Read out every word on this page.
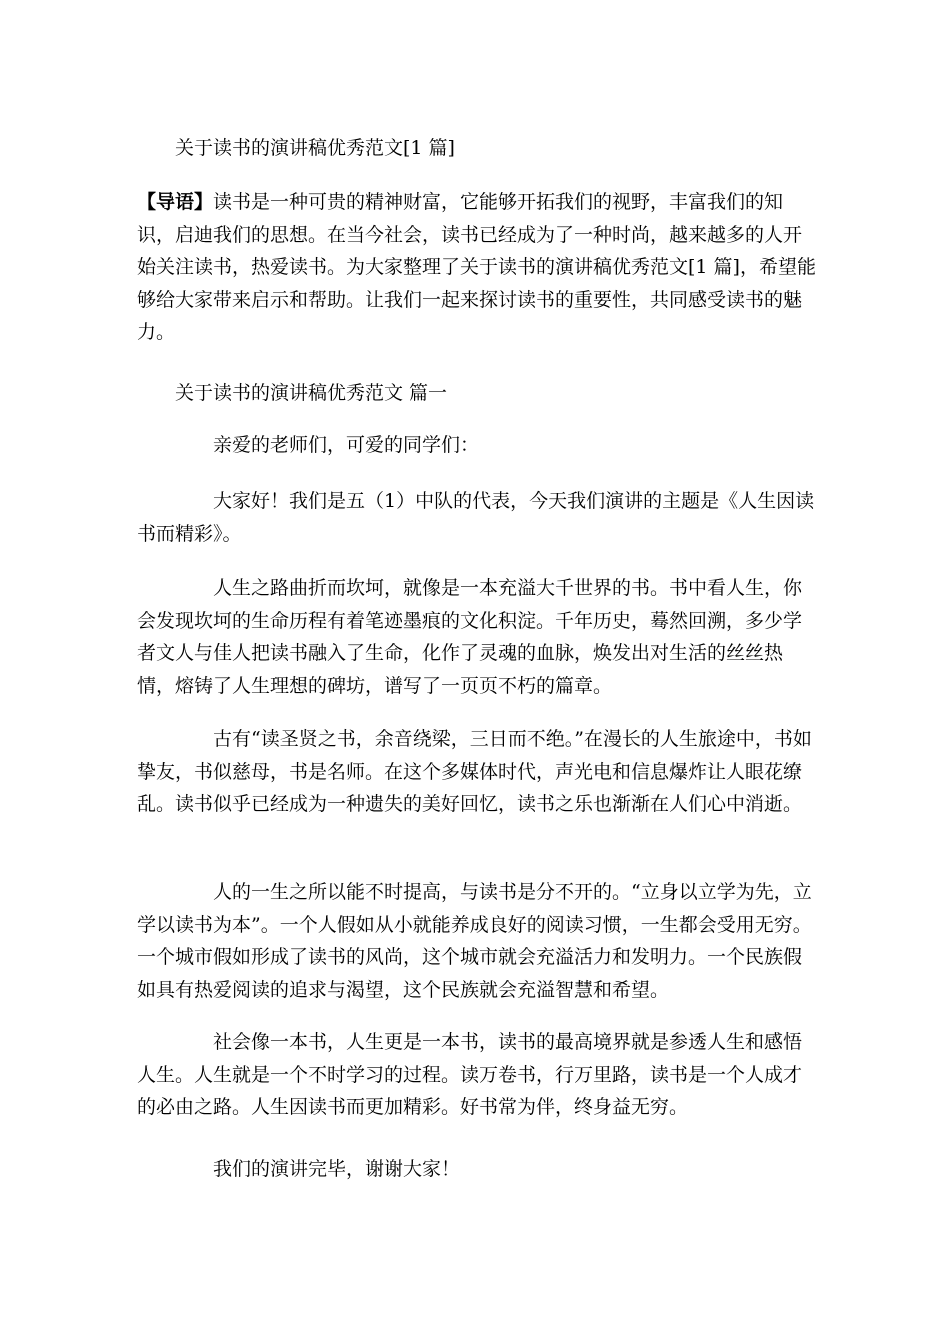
关于读书的演讲稿优秀范文[1 篇]
【导语】读书是一种可贵的精神财富，它能够开拓我们的视野，丰富我们的知识，启迪我们的思想。在当今社会，读书已经成为了一种时尚，越来越多的人开始关注读书，热爱读书。为大家整理了关于读书的演讲稿优秀范文[1 篇]，希望能够给大家带来启示和帮助。让我们一起来探讨读书的重要性，共同感受读书的魅力。
关于读书的演讲稿优秀范文 篇一
亲爱的老师们，可爱的同学们：
大家好！我们是五（1）中队的代表，今天我们演讲的主题是《人生因读书而精彩》。
人生之路曲折而坎坷，就像是一本充溢大千世界的书。书中看人生，你会发现坎坷的生命历程有着笔迹墨痕的文化积淀。千年历史，蓦然回溯，多少学者文人与佳人把读书融入了生命，化作了灵魂的血脉，焕发出对生活的丝丝热情，熔铸了人生理想的碑坊，谱写了一页页不朽的篇章。
古有“读圣贤之书，余音绕梁，三日而不绝。”在漫长的人生旅途中，书如挚友，书似慈母，书是名师。在这个多媒体时代，声光电和信息爆炸让人眼花缭乱。读书似乎已经成为一种遗失的美好回忆，读书之乐也渐渐在人们心中消逝。
人的一生之所以能不时提高，与读书是分不开的。“立身以立学为先，立学以读书为本”。一个人假如从小就能养成良好的阅读习惯，一生都会受用无穷。一个城市假如形成了读书的风尚，这个城市就会充溢活力和发明力。一个民族假如具有热爱阅读的追求与渴望，这个民族就会充溢智慧和希望。
社会像一本书，人生更是一本书，读书的最高境界就是参透人生和感悟人生。人生就是一个不时学习的过程。读万卷书，行万里路，读书是一个人成才的必由之路。人生因读书而更加精彩。好书常为伴，终身益无穷。
我们的演讲完毕，谢谢大家！
